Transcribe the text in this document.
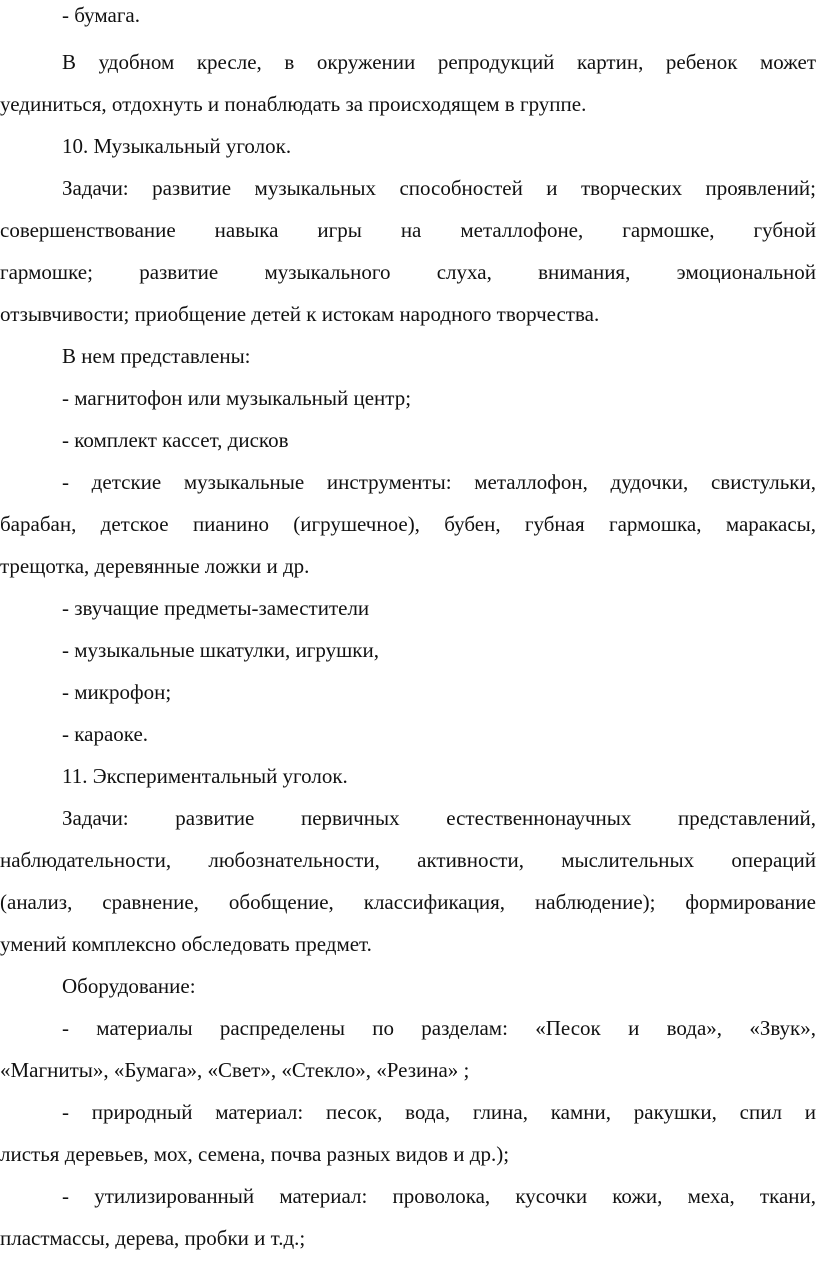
- бумага.
В удобном кресле, в окружении репродукций картин, ребенок может
уединиться, отдохнуть и понаблюдать за происходящем в группе.
10. Музыкальный уголок.
Задачи: развитие музыкальных способностей и творческих проявлений;
совершенствование навыка игры на металлофоне, гармошке, губной
гармошке; развитие музыкального слуха, внимания, эмоциональной
отзывчивости; приобщение детей к истокам народного творчества.
В нем представлены:
- магнитофон или музыкальный центр;
- комплект кассет, дисков
- детские музыкальные инструменты: металлофон, дудочки, свистульки,
барабан, детское пианино (игрушечное), бубен, губная гармошка, маракасы,
трещотка, деревянные ложки и др.
- звучащие предметы-заместители
- музыкальные шкатулки, игрушки,
- микрофон;
- караоке.
11. Экспериментальный уголок.
Задачи: развитие первичных естественнонаучных представлений,
наблюдательности, любознательности, активности, мыслительных операций
(анализ, сравнение, обобщение, классификация, наблюдение); формирование
умений комплексно обследовать предмет.
Оборудование:
- материалы распределены по разделам: «Песок и вода», «Звук»,
«Магниты», «Бумага», «Свет», «Стекло», «Резина» ;
- природный материал: песок, вода, глина, камни, ракушки, спил и
листья деревьев, мох, семена, почва разных видов и др.);
- утилизированный материал: проволока, кусочки кожи, меха, ткани,
пластмассы, дерева, пробки и т.д.;
